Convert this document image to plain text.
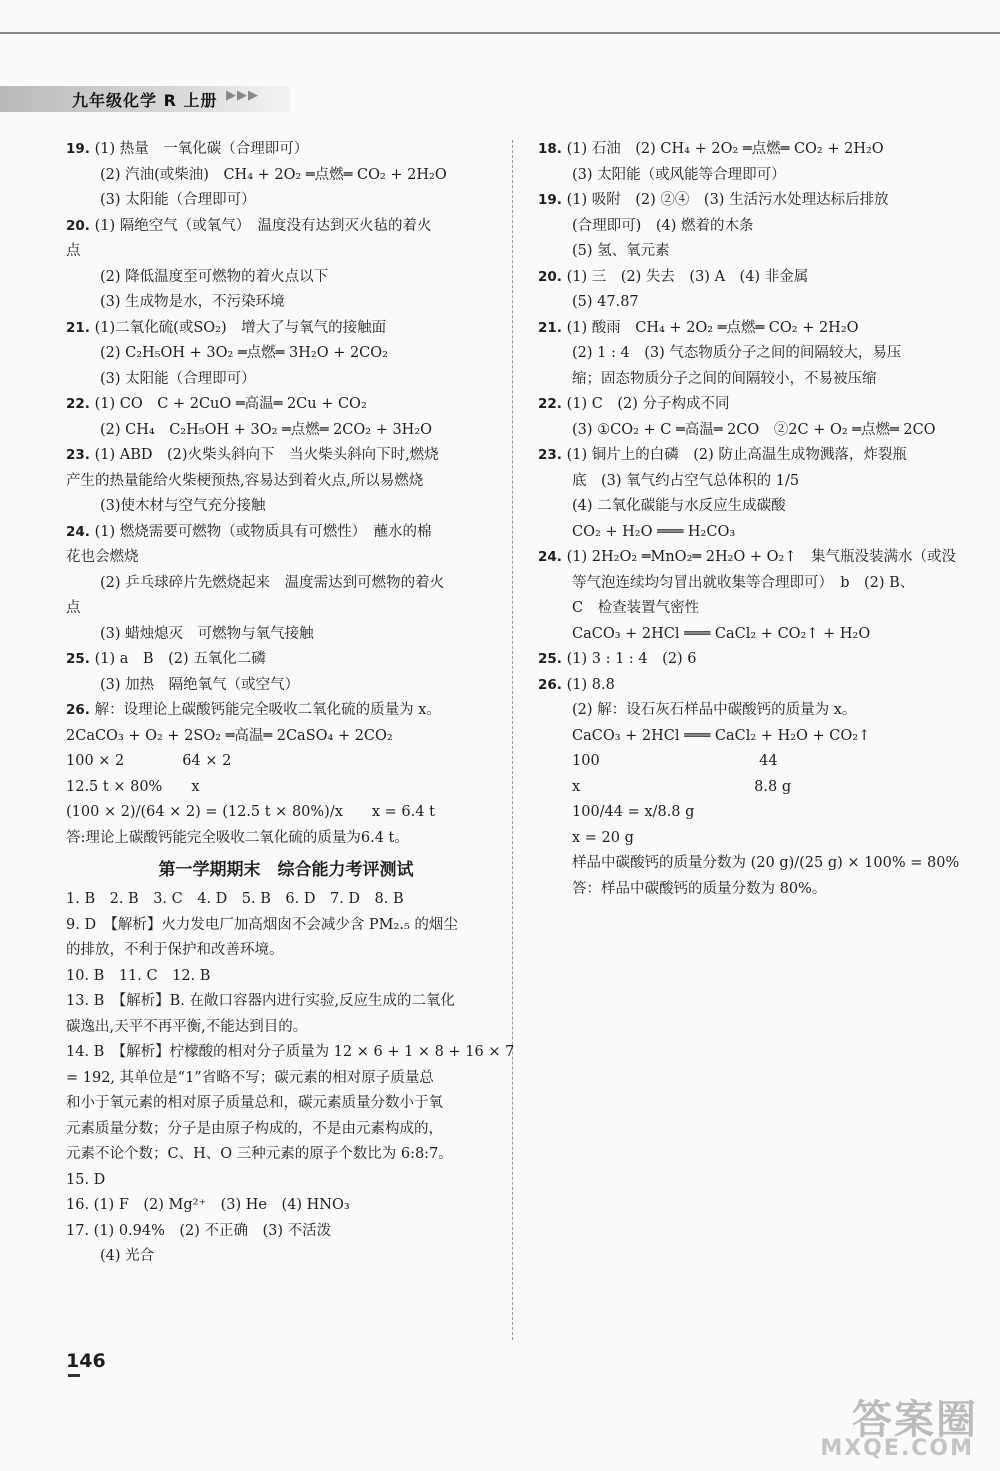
九年级化学 R 上册 ▶▶▶
19. (1) 热量　一氧化碳（合理即可）
(2) 汽油(或柴油)　CH₄ + 2O₂ ═点燃═ CO₂ + 2H₂O
(3) 太阳能（合理即可）
20. (1) 隔绝空气（或氧气）　温度没有达到灭火毡的着火
点
(2) 降低温度至可燃物的着火点以下
(3) 生成物是水，不污染环境
21. (1)二氧化硫(或SO₂)　增大了与氧气的接触面
(2) C₂H₅OH + 3O₂ ═点燃═ 3H₂O + 2CO₂
(3) 太阳能（合理即可）
22. (1) CO　C + 2CuO ═高温═ 2Cu + CO₂
(2) CH₄　C₂H₅OH + 3O₂ ═点燃═ 2CO₂ + 3H₂O
23. (1) ABD　(2)火柴头斜向下　当火柴头斜向下时,燃烧
产生的热量能给火柴梗预热,容易达到着火点,所以易燃烧
(3)使木材与空气充分接触
24. (1) 燃烧需要可燃物（或物质具有可燃性）　蘸水的棉
花也会燃烧
(2) 乒乓球碎片先燃烧起来　温度需达到可燃物的着火
点
(3) 蜡烛熄灭　可燃物与氧气接触
25. (1) a　B　(2) 五氧化二磷
(3) 加热　隔绝氧气（或空气）
26. 解：设理论上碳酸钙能完全吸收二氧化硫的质量为 x。
2CaCO₃ + O₂ + 2SO₂ ═高温═ 2CaSO₄ + 2CO₂
100 × 2　　　　64 × 2
12.5 t × 80%　　x
(100 × 2)/(64 × 2) = (12.5 t × 80%)/x　　x = 6.4 t
答:理论上碳酸钙能完全吸收二氧化硫的质量为6.4 t。
第一学期期末　综合能力考评测试
1. B　2. B　3. C　4. D　5. B　6. D　7. D　8. B
9. D　【解析】火力发电厂加高烟囱不会减少含 PM₂.₅ 的烟尘
的排放，不利于保护和改善环境。
10. B　11. C　12. B
13. B　【解析】B. 在敞口容器内进行实验,反应生成的二氧化
碳逸出,天平不再平衡,不能达到目的。
14. B　【解析】柠檬酸的相对分子质量为 12 × 6 + 1 × 8 + 16 × 7
= 192, 其单位是“1”省略不写；碳元素的相对原子质量总
和小于氧元素的相对原子质量总和，碳元素质量分数小于氧
元素质量分数；分子是由原子构成的，不是由元素构成的，
元素不论个数；C、H、O 三种元素的原子个数比为 6:8:7。
15. D
16. (1) F　(2) Mg²⁺　(3) He　(4) HNO₃
17. (1) 0.94%　(2) 不正确　(3) 不活泼
(4) 光合
18. (1) 石油　(2) CH₄ + 2O₂ ═点燃═ CO₂ + 2H₂O
(3) 太阳能（或风能等合理即可）
19. (1) 吸附　(2) ②④　(3) 生活污水处理达标后排放
(合理即可)　(4) 燃着的木条
(5) 氢、氧元素
20. (1) 三　(2) 失去　(3) A　(4) 非金属
(5) 47.87
21. (1) 酸雨　CH₄ + 2O₂ ═点燃═ CO₂ + 2H₂O
(2) 1 : 4　(3) 气态物质分子之间的间隔较大，易压
缩；固态物质分子之间的间隔较小，不易被压缩
22. (1) C　(2) 分子构成不同
(3) ①CO₂ + C ═高温═ 2CO　②2C + O₂ ═点燃═ 2CO
23. (1) 铜片上的白磷　(2) 防止高温生成物溅落，炸裂瓶
底　(3) 氧气约占空气总体积的 1/5
(4) 二氧化碳能与水反应生成碳酸
CO₂ + H₂O ═══ H₂CO₃
24. (1) 2H₂O₂ ═MnO₂═ 2H₂O + O₂↑　集气瓶没装满水（或没
等气泡连续均匀冒出就收集等合理即可）　b　(2) B、
C　检查装置气密性
CaCO₃ + 2HCl ═══ CaCl₂ + CO₂↑ + H₂O
25. (1) 3 : 1 : 4　(2) 6
26. (1) 8.8
(2) 解：设石灰石样品中碳酸钙的质量为 x。
CaCO₃ + 2HCl ═══ CaCl₂ + H₂O + CO₂↑
100　　　　　　　　　　　44
x　　　　　　　　　　　　8.8 g
100/44 = x/8.8 g
x = 20 g
样品中碳酸钙的质量分数为 (20 g)/(25 g) × 100% = 80%
答：样品中碳酸钙的质量分数为 80%。
146
答案圈
MXQE.COM
